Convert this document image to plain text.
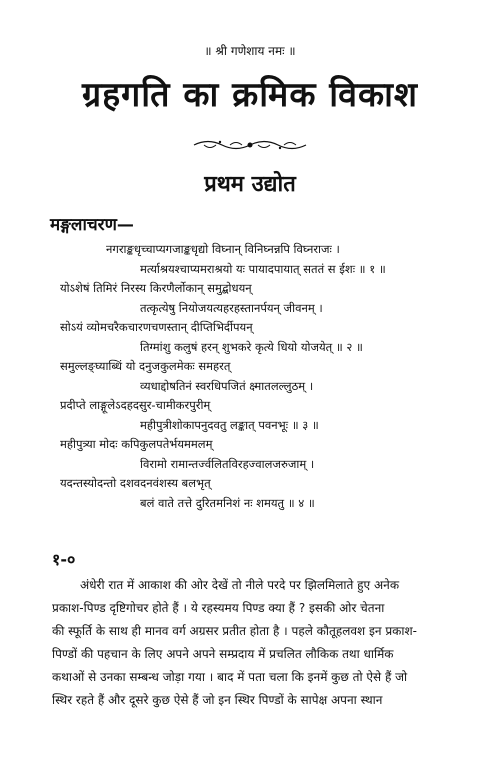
॥ श्री गणेशाय नमः ॥
ग्रहगति का क्रमिक विकाश
प्रथम उद्योत
मङ्गलाचरण—
नगराङ्कधृच्चाप्यगजाङ्कधृद्यो विघ्नान् विनिघ्नन्नपि विघ्नराजः ।
मर्त्याश्रयश्चाप्यमराश्रयो यः पायादपायात् सततं स ईशः ॥ १ ॥
योऽशेषं तिमिरं निरस्य किरणैर्लोकान् समुद्बोधयन्
तत्कृत्येषु नियोजयत्यहरहस्तानर्पयन् जीवनम् ।
सोऽयं व्योमचरैकचारणचणस्तान् दीप्तिभिर्दीपयन्
तिग्मांशु कलुषं हरन् शुभकरे कृत्ये धियो योजयेत् ॥ २ ॥
समुल्लङ्घ्याब्धिं यो दनुजकुलमेकः समहरत्
व्यधाद्दोषतिनं स्वरधिपजितं क्ष्मातलल्लुठम् ।
प्रदीप्ते लाङ्गूलेऽदहदसुर-चामीकरपुरीम्
महीपुत्रीशोकापनुदवतु लङ्कात् पवनभूः ॥ ३ ॥
महीपुत्र्या मोदः कपिकुलपतेर्भयममलम्
विरामो रामान्तर्ज्वलितविरहज्वालजरुजाम् ।
यदन्तस्योदन्तो दशवदनवंशस्य बलभृत्
बलं वाते तत्ते दुरितमनिशं नः शमयतु ॥ ४ ॥
१-०
अंधेरी रात में आकाश की ओर देखें तो नीले परदे पर झिलमिलाते हुए अनेक
प्रकाश-पिण्ड दृष्टिगोचर होते हैं । ये रहस्यमय पिण्ड क्या हैं ? इसकी ओर चेतना
की स्फूर्ति के साथ ही मानव वर्ग अग्रसर प्रतीत होता है । पहले कौतूहलवश इन प्रकाश-
पिण्डों की पहचान के लिए अपने अपने सम्प्रदाय में प्रचलित लौकिक तथा धार्मिक
कथाओं से उनका सम्बन्ध जोड़ा गया । बाद में पता चला कि इनमें कुछ तो ऐसे हैं जो
स्थिर रहते हैं और दूसरे कुछ ऐसे हैं जो इन स्थिर पिण्डों के सापेक्ष अपना स्थान
